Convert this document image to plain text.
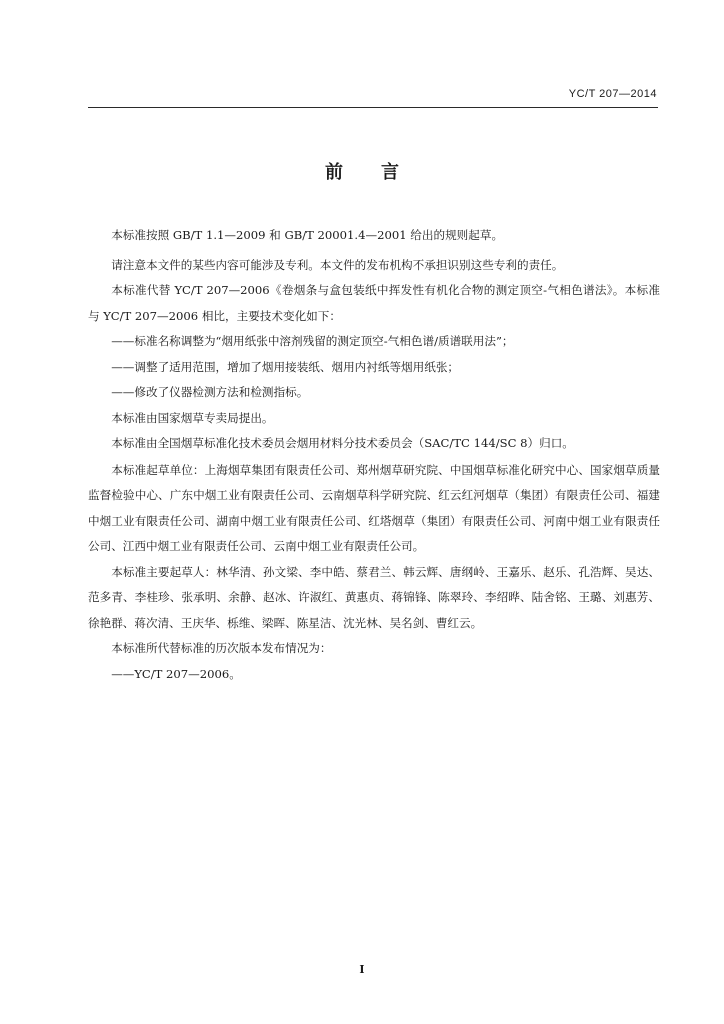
YC/T 207—2014
前言

本标准按照 GB/T 1.1—2009 和 GB/T 20001.4—2001 给出的规则起草。

请注意本文件的某些内容可能涉及专利。本文件的发布机构不承担识别这些专利的责任。

本标准代替 YC/T 207—2006《卷烟条与盒包装纸中挥发性有机化合物的测定顶空-气相色谱法》。本标准与 YC/T 207—2006 相比，主要技术变化如下：

——标准名称调整为“烟用纸张中溶剂残留的测定顶空-气相色谱/质谱联用法”；

——调整了适用范围，增加了烟用接装纸、烟用内衬纸等烟用纸张；

——修改了仪器检测方法和检测指标。

本标准由国家烟草专卖局提出。

本标准由全国烟草标准化技术委员会烟用材料分技术委员会（SAC/TC 144/SC 8）归口。

本标准起草单位：上海烟草集团有限责任公司、郑州烟草研究院、中国烟草标准化研究中心、国家烟草质量监督检验中心、广东中烟工业有限责任公司、云南烟草科学研究院、红云红河烟草（集团）有限责任公司、福建中烟工业有限责任公司、湖南中烟工业有限责任公司、红塔烟草（集团）有限责任公司、河南中烟工业有限责任公司、江西中烟工业有限责任公司、云南中烟工业有限责任公司。

本标准主要起草人：林华清、孙文梁、李中皓、蔡君兰、韩云辉、唐纲岭、王嘉乐、赵乐、孔浩辉、吴达、范多青、李桂珍、张承明、余静、赵冰、许淑红、黄惠贞、蒋锦锋、陈翠玲、李绍晔、陆舍铭、王璐、刘惠芳、徐艳群、蒋次清、王庆华、栎维、梁晖、陈星洁、沈光林、吴名剑、曹红云。

本标准所代替标准的历次版本发布情况为：

——YC/T 207—2006。

I
